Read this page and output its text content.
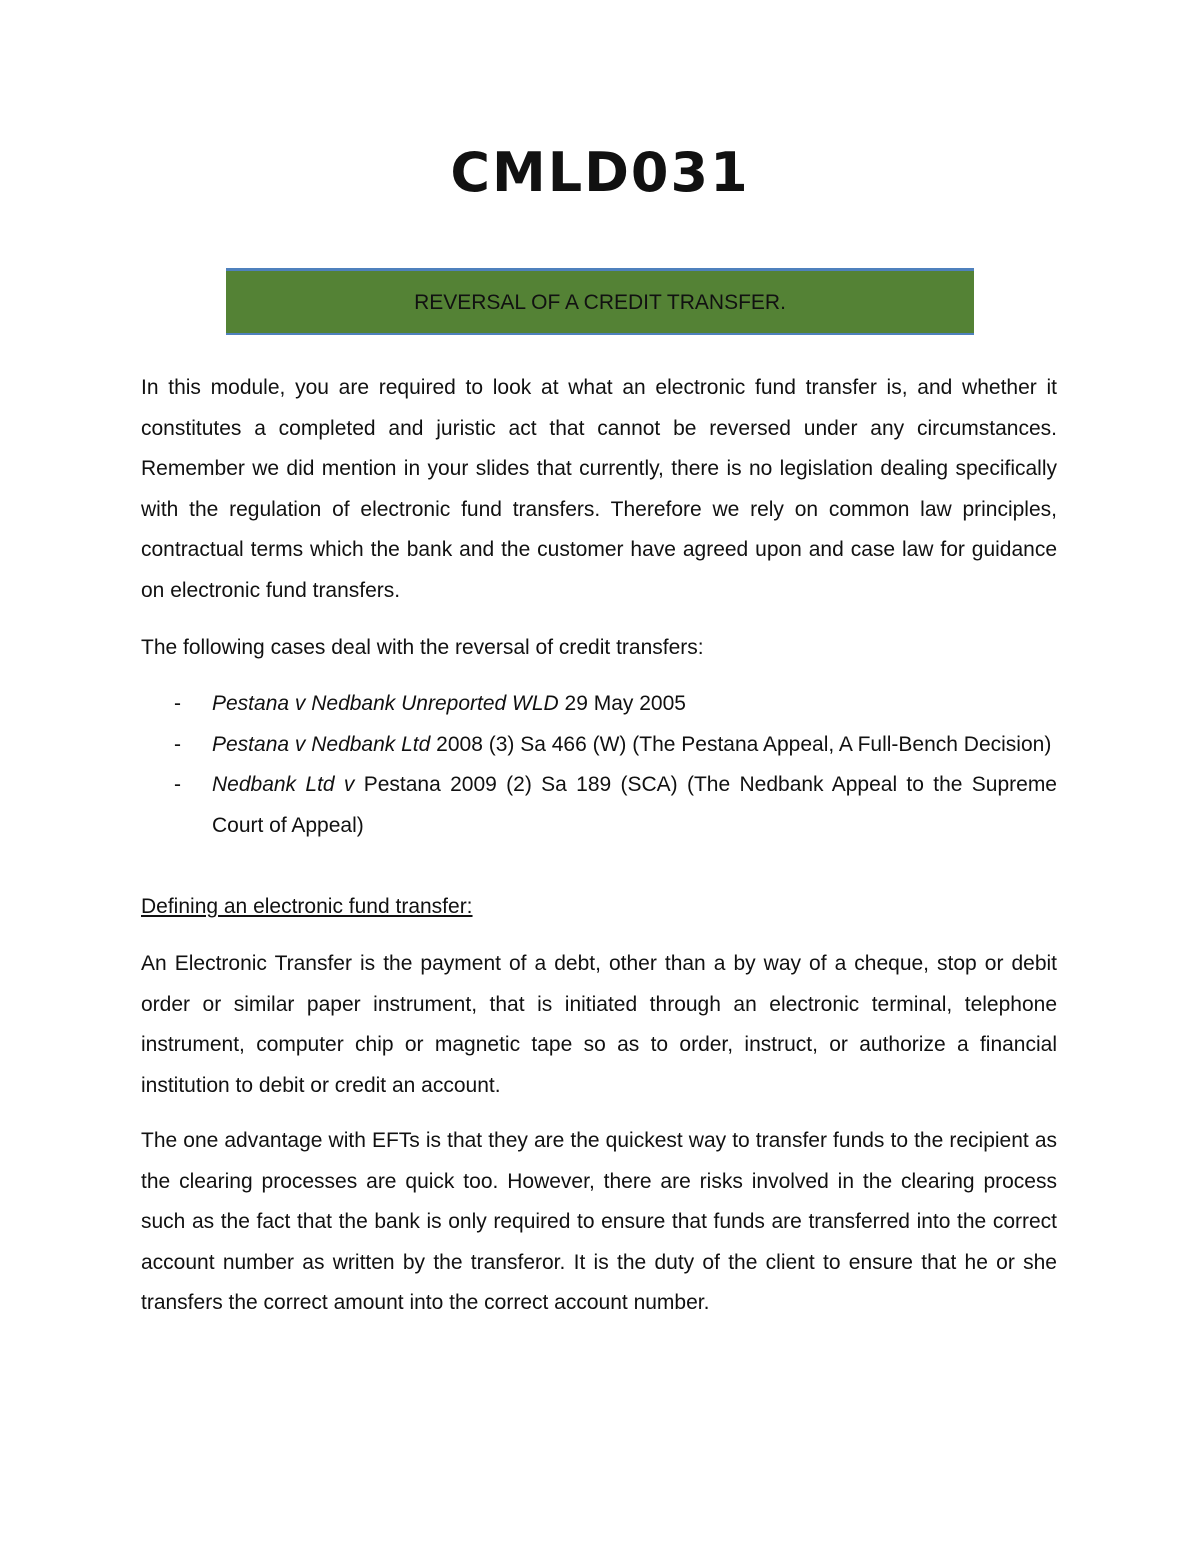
CMLD031
REVERSAL OF A CREDIT TRANSFER.

In this module, you are required to look at what an electronic fund transfer is, and whether it constitutes a completed and juristic act that cannot be reversed under any circumstances. Remember we did mention in your slides that currently, there is no legislation dealing specifically with the regulation of electronic fund transfers. Therefore we rely on common law principles, contractual terms which the bank and the customer have agreed upon and case law for guidance on electronic fund transfers.

The following cases deal with the reversal of credit transfers:

- Pestana v Nedbank Unreported WLD 29 May 2005
- Pestana v Nedbank Ltd 2008 (3) Sa 466 (W) (The Pestana Appeal, A Full-Bench Decision)
- Nedbank Ltd v Pestana 2009 (2) Sa 189 (SCA) (The Nedbank Appeal to the Supreme Court of Appeal)

Defining an electronic fund transfer:

An Electronic Transfer is the payment of a debt, other than a by way of a cheque, stop or debit order or similar paper instrument, that is initiated through an electronic terminal, telephone instrument, computer chip or magnetic tape so as to order, instruct, or authorize a financial institution to debit or credit an account.

The one advantage with EFTs is that they are the quickest way to transfer funds to the recipient as the clearing processes are quick too. However, there are risks involved in the clearing process such as the fact that the bank is only required to ensure that funds are transferred into the correct account number as written by the transferor. It is the duty of the client to ensure that he or she transfers the correct amount into the correct account number.
